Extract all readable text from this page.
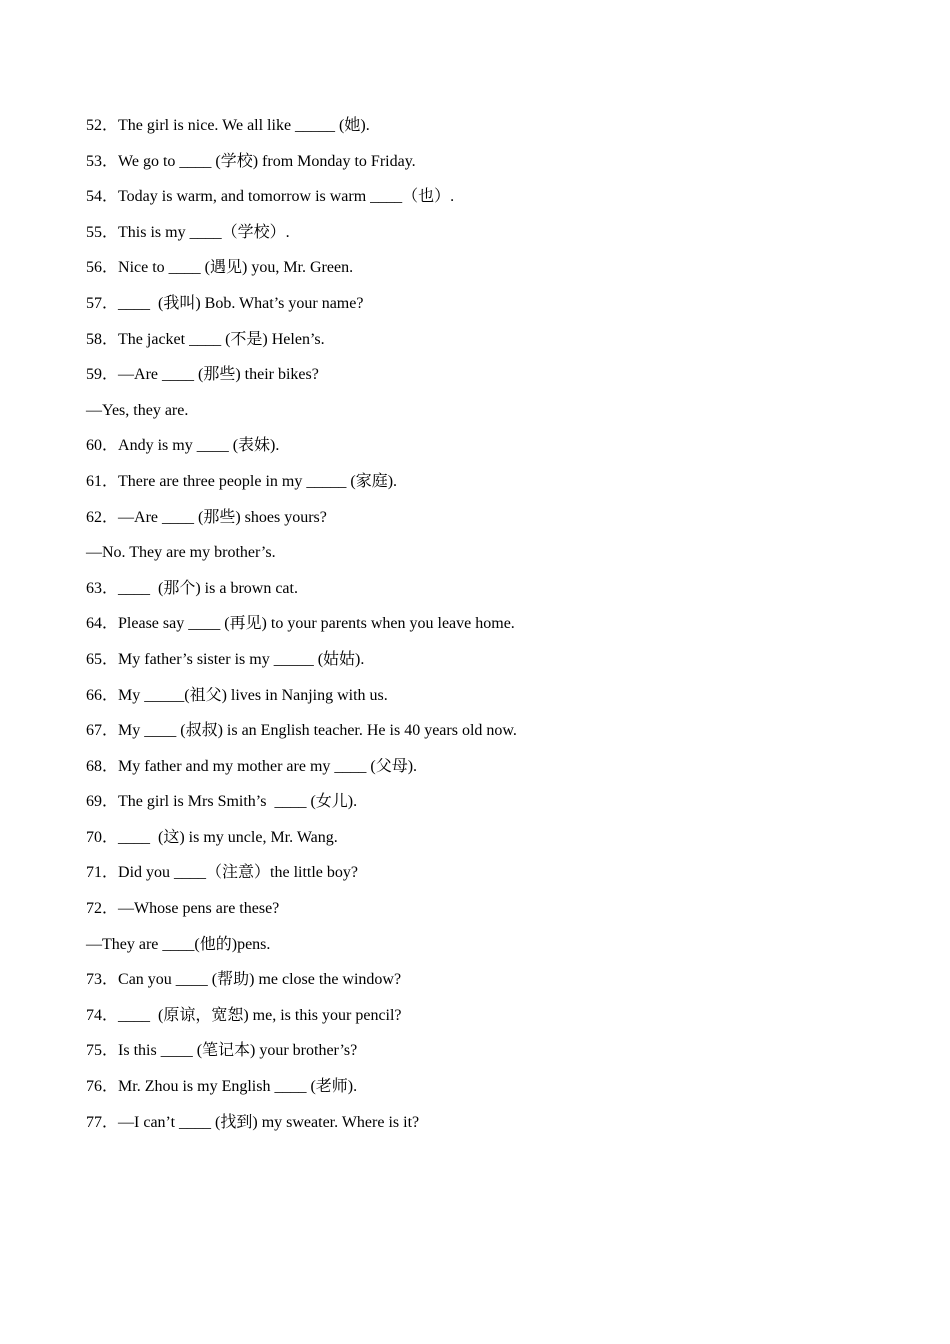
52．The girl is nice. We all like _____ (她).
53．We go to ____ (学校) from Monday to Friday.
54．Today is warm, and tomorrow is warm ____（也）.
55．This is my ____（学校）.
56．Nice to ____ (遇见) you, Mr. Green.
57．____  (我叫) Bob. What’s your name?
58．The jacket ____ (不是) Helen’s.
59．—Are ____ (那些) their bikes?
—Yes, they are.
60．Andy is my ____ (表妹).
61．There are three people in my _____ (家庭).
62．—Are ____ (那些) shoes yours?
—No. They are my brother’s.
63．____  (那个) is a brown cat.
64．Please say ____ (再见) to your parents when you leave home.
65．My father’s sister is my _____ (姑姑).
66．My _____(祖父) lives in Nanjing with us.
67．My ____ (叔叔) is an English teacher. He is 40 years old now.
68．My father and my mother are my ____ (父母).
69．The girl is Mrs Smith’s  ____ (女儿).
70．____  (这) is my uncle, Mr. Wang.
71．Did you ____（注意）the little boy?
72．—Whose pens are these?
—They are ____(他的)pens.
73．Can you ____ (帮助) me close the window?
74．____  (原谅，宽恕) me, is this your pencil?
75．Is this ____ (笔记本) your brother’s?
76．Mr. Zhou is my English ____ (老师).
77．—I can’t ____ (找到) my sweater. Where is it?
